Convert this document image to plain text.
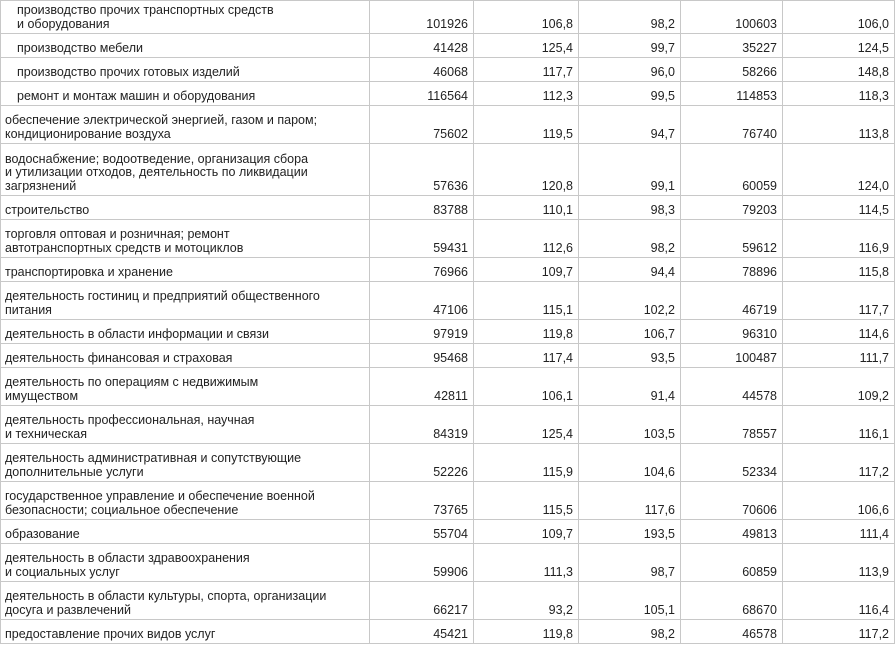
производство прочих транспортных средств
и оборудования	101926	106,8	98,2	100603	106,0
производство мебели	41428	125,4	99,7	35227	124,5
производство прочих готовых изделий	46068	117,7	96,0	58266	148,8
ремонт и монтаж машин и оборудования	116564	112,3	99,5	114853	118,3
обеспечение электрической энергией, газом и паром;
кондиционирование воздуха	75602	119,5	94,7	76740	113,8
водоснабжение; водоотведение, организация сбора
и утилизации отходов, деятельность по ликвидации
загрязнений	57636	120,8	99,1	60059	124,0
строительство	83788	110,1	98,3	79203	114,5
торговля оптовая и розничная; ремонт
автотранспортных средств и мотоциклов	59431	112,6	98,2	59612	116,9
транспортировка и хранение	76966	109,7	94,4	78896	115,8
деятельность гостиниц и предприятий общественного
питания	47106	115,1	102,2	46719	117,7
деятельность в области информации и связи	97919	119,8	106,7	96310	114,6
деятельность финансовая и страховая	95468	117,4	93,5	100487	111,7
деятельность по операциям с недвижимым
имуществом	42811	106,1	91,4	44578	109,2
деятельность профессиональная, научная
и техническая	84319	125,4	103,5	78557	116,1
деятельность административная и сопутствующие
дополнительные услуги	52226	115,9	104,6	52334	117,2
государственное управление и обеспечение военной
безопасности; социальное обеспечение	73765	115,5	117,6	70606	106,6
образование	55704	109,7	193,5	49813	111,4
деятельность в области здравоохранения
и социальных услуг	59906	111,3	98,7	60859	113,9
деятельность в области культуры, спорта, организации
досуга и развлечений	66217	93,2	105,1	68670	116,4
предоставление прочих видов услуг	45421	119,8	98,2	46578	117,2
